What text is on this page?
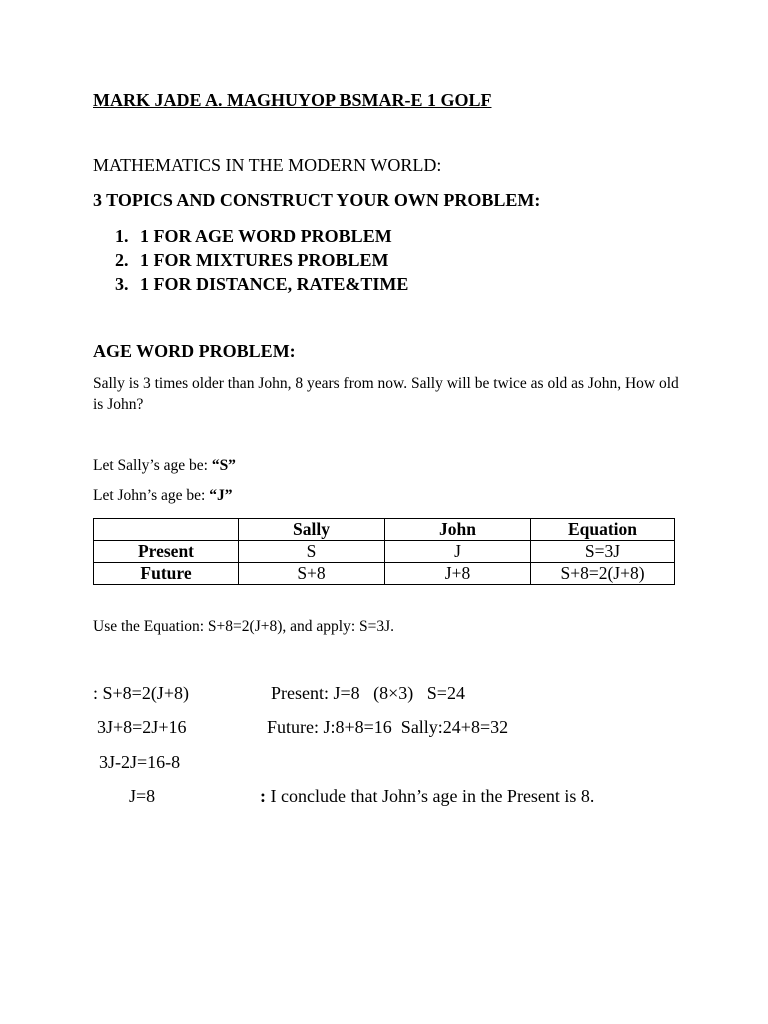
MARK JADE A. MAGHUYOP BSMAR-E 1 GOLF
MATHEMATICS IN THE MODERN WORLD:
3 TOPICS AND CONSTRUCT YOUR OWN PROBLEM:
1. 1 FOR AGE WORD PROBLEM
2. 1 FOR MIXTURES PROBLEM
3. 1 FOR DISTANCE, RATE&TIME
AGE WORD PROBLEM:
Sally is 3 times older than John, 8 years from now. Sally will be twice as old as John, How old is John?
Let Sally’s age be: “S”
Let John’s age be: “J”
	Sally	John	Equation
Present	S	J	S=3J
Future	S+8	J+8	S+8=2(J+8)
Use the Equation: S+8=2(J+8), and apply: S=3J.
: S+8=2(J+8)
3J+8=2J+16
3J-2J=16-8
J=8
Present: J=8   (8×3)   S=24
Future: J:8+8=16  Sally:24+8=32
: I conclude that John’s age in the Present is 8.
